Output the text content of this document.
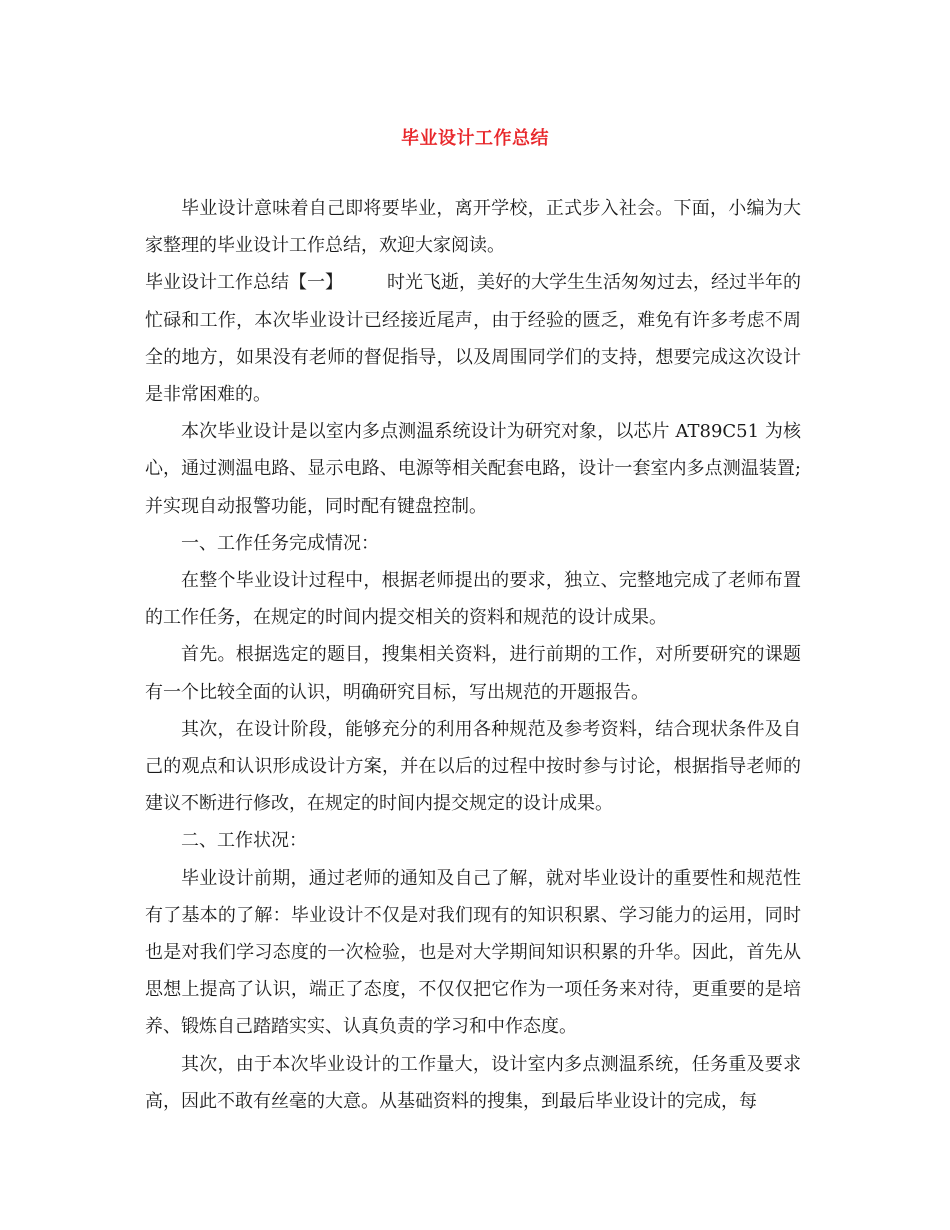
毕业设计工作总结

毕业设计意味着自己即将要毕业，离开学校，正式步入社会。下面，小编为大家整理的毕业设计工作总结，欢迎大家阅读。

毕业设计工作总结【一】 时光飞逝，美好的大学生生活匆匆过去，经过半年的忙碌和工作，本次毕业设计已经接近尾声，由于经验的匮乏，难免有许多考虑不周全的地方，如果没有老师的督促指导，以及周围同学们的支持，想要完成这次设计是非常困难的。

本次毕业设计是以室内多点测温系统设计为研究对象，以芯片 AT89C51 为核心，通过测温电路、显示电路、电源等相关配套电路，设计一套室内多点测温装置;并实现自动报警功能，同时配有键盘控制。

一、工作任务完成情况：

在整个毕业设计过程中，根据老师提出的要求，独立、完整地完成了老师布置的工作任务，在规定的时间内提交相关的资料和规范的设计成果。

首先。根据选定的题目，搜集相关资料，进行前期的工作，对所要研究的课题有一个比较全面的认识，明确研究目标，写出规范的开题报告。

其次，在设计阶段，能够充分的利用各种规范及参考资料，结合现状条件及自己的观点和认识形成设计方案，并在以后的过程中按时参与讨论，根据指导老师的建议不断进行修改，在规定的时间内提交规定的设计成果。

二、工作状况：

毕业设计前期，通过老师的通知及自己了解，就对毕业设计的重要性和规范性有了基本的了解：毕业设计不仅是对我们现有的知识积累、学习能力的运用，同时也是对我们学习态度的一次检验，也是对大学期间知识积累的升华。因此，首先从思想上提高了认识，端正了态度，不仅仅把它作为一项任务来对待，更重要的是培养、锻炼自己踏踏实实、认真负责的学习和中作态度。

其次，由于本次毕业设计的工作量大，设计室内多点测温系统，任务重及要求高，因此不敢有丝毫的大意。从基础资料的搜集，到最后毕业设计的完成，每
